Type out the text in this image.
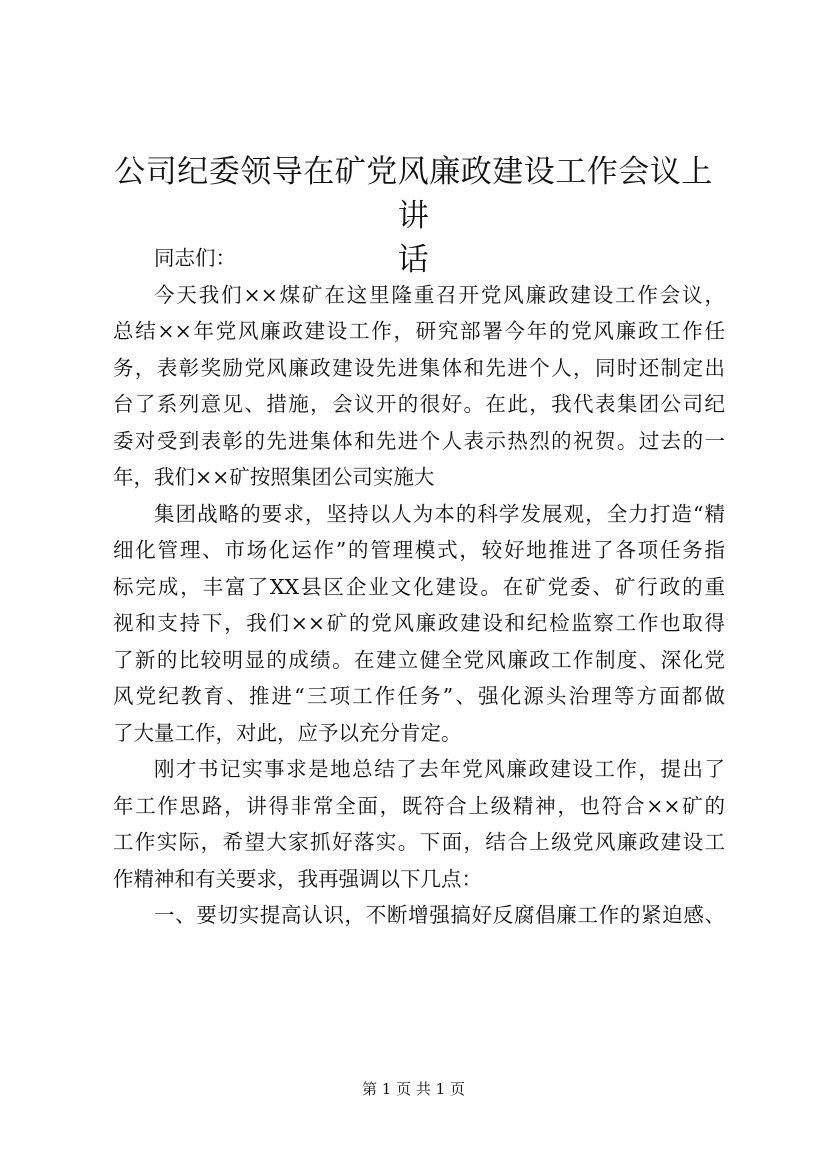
公司纪委领导在矿党风廉政建设工作会议上讲
话
同志们：
今天我们××煤矿在这里隆重召开党风廉政建设工作会议，
总结××年党风廉政建设工作，研究部署今年的党风廉政工作任
务，表彰奖励党风廉政建设先进集体和先进个人，同时还制定出
台了系列意见、措施，会议开的很好。在此，我代表集团公司纪
委对受到表彰的先进集体和先进个人表示热烈的祝贺。过去的一
年，我们××矿按照集团公司实施大
集团战略的要求，坚持以人为本的科学发展观，全力打造“精
细化管理、市场化运作”的管理模式，较好地推进了各项任务指
标完成，丰富了XX县区企业文化建设。在矿党委、矿行政的重
视和支持下，我们××矿的党风廉政建设和纪检监察工作也取得
了新的比较明显的成绩。在建立健全党风廉政工作制度、深化党
风党纪教育、推进“三项工作任务”、强化源头治理等方面都做
了大量工作，对此，应予以充分肯定。
刚才书记实事求是地总结了去年党风廉政建设工作，提出了
年工作思路，讲得非常全面，既符合上级精神，也符合××矿的
工作实际，希望大家抓好落实。下面，结合上级党风廉政建设工
作精神和有关要求，我再强调以下几点：
一、要切实提高认识，不断增强搞好反腐倡廉工作的紧迫感、
第 1 页 共 1 页
